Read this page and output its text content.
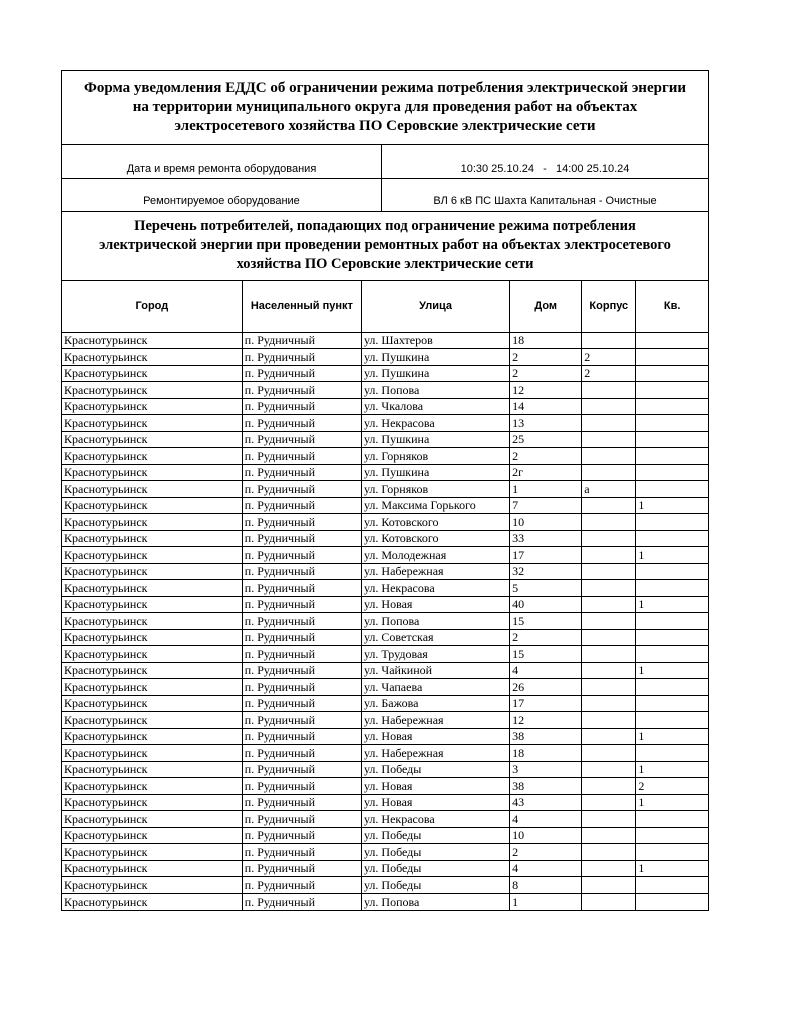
Форма уведомления ЕДДС об ограничении режима потребления электрической энергии
на территории муниципального округа для проведения работ на объектах
электросетевого хозяйства ПО Серовские электрические сети
Дата и время ремонта оборудования	10:30 25.10.24   -   14:00 25.10.24
Ремонтируемое оборудование	ВЛ 6 кВ ПС Шахта Капитальная - Очистные
Перечень потребителей, попадающих под ограничение режима потребления
электрической энергии при проведении ремонтных работ на объектах электросетевого
хозяйства ПО Серовские электрические сети
Город	Населенный пункт	Улица	Дом	Корпус	Кв.
Краснотурьинск	п. Рудничный	ул. Шахтеров	18		
Краснотурьинск	п. Рудничный	ул. Пушкина	2	2	
Краснотурьинск	п. Рудничный	ул. Пушкина	2	2	
Краснотурьинск	п. Рудничный	ул. Попова	12		
Краснотурьинск	п. Рудничный	ул. Чкалова	14		
Краснотурьинск	п. Рудничный	ул. Некрасова	13		
Краснотурьинск	п. Рудничный	ул. Пушкина	25		
Краснотурьинск	п. Рудничный	ул. Горняков	2		
Краснотурьинск	п. Рудничный	ул. Пушкина	2г		
Краснотурьинск	п. Рудничный	ул. Горняков	1	а	
Краснотурьинск	п. Рудничный	ул. Максима Горького	7		1
Краснотурьинск	п. Рудничный	ул. Котовского	10		
Краснотурьинск	п. Рудничный	ул. Котовского	33		
Краснотурьинск	п. Рудничный	ул. Молодежная	17		1
Краснотурьинск	п. Рудничный	ул. Набережная	32		
Краснотурьинск	п. Рудничный	ул. Некрасова	5		
Краснотурьинск	п. Рудничный	ул. Новая	40		1
Краснотурьинск	п. Рудничный	ул. Попова	15		
Краснотурьинск	п. Рудничный	ул. Советская	2		
Краснотурьинск	п. Рудничный	ул. Трудовая	15		
Краснотурьинск	п. Рудничный	ул. Чайкиной	4		1
Краснотурьинск	п. Рудничный	ул. Чапаева	26		
Краснотурьинск	п. Рудничный	ул. Бажова	17		
Краснотурьинск	п. Рудничный	ул. Набережная	12		
Краснотурьинск	п. Рудничный	ул. Новая	38		1
Краснотурьинск	п. Рудничный	ул. Набережная	18		
Краснотурьинск	п. Рудничный	ул. Победы	3		1
Краснотурьинск	п. Рудничный	ул. Новая	38		2
Краснотурьинск	п. Рудничный	ул. Новая	43		1
Краснотурьинск	п. Рудничный	ул. Некрасова	4		
Краснотурьинск	п. Рудничный	ул. Победы	10		
Краснотурьинск	п. Рудничный	ул. Победы	2		
Краснотурьинск	п. Рудничный	ул. Победы	4		1
Краснотурьинск	п. Рудничный	ул. Победы	8		
Краснотурьинск	п. Рудничный	ул. Попова	1		
